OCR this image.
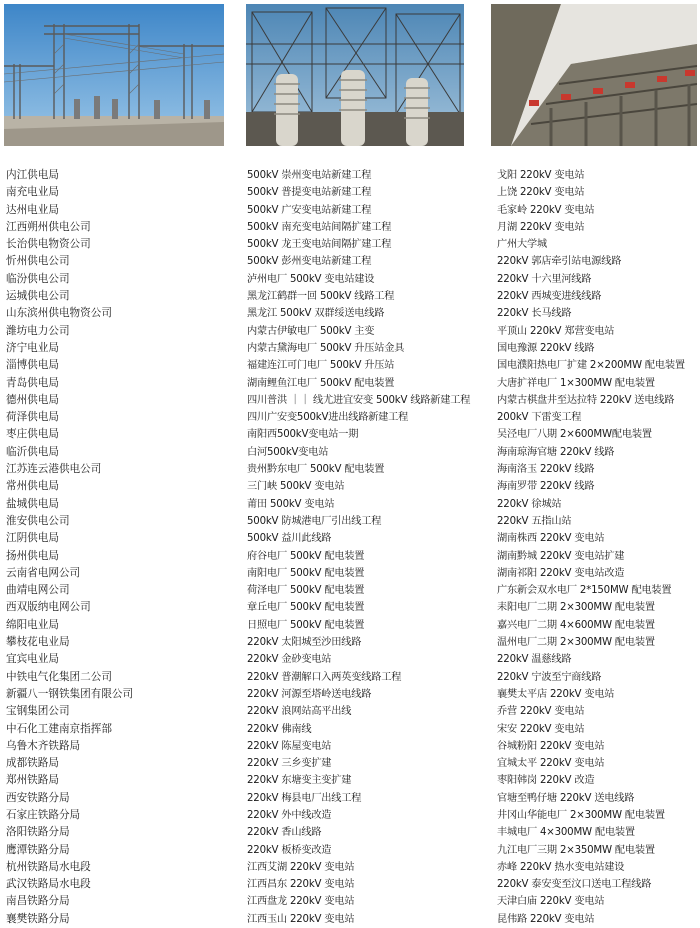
内江供电局
南充电业局
达州电业局
江西朔州供电公司
长治供电物资公司
忻州供电公司
临汾供电公司
运城供电公司
山东滨州供电物资公司
潍坊电力公司
济宁电业局
淄博供电局
青岛供电局
德州供电局
荷泽供电局
枣庄供电局
临沂供电局
江苏连云港供电公司
常州供电局
盐城供电局
淮安供电公司
江阴供电局
扬州供电局
云南省电网公司
曲靖电网公司
西双版纳电网公司
绵阳电业局
攀枝花电业局
宜宾电业局
中铁电气化集团二公司
新疆八一钢铁集团有限公司
宝钢集团公司
中石化工建南京指挥部
乌鲁木齐铁路局
成都铁路局
郑州铁路局
西安铁路分局
石家庄铁路分局
洛阳铁路分局
鹰潭铁路分局
杭州铁路局水电段
武汉铁路局水电段
南昌铁路分局
襄樊铁路分局
500kV 崇州变电站新建工程
500kV 普提变电站新建工程
500kV 广安变电站新建工程
500kV 南充变电站间隔扩建工程
500kV 龙王变电站间隔扩建工程
500kV 彭州变电站新建工程
泸州电厂 500kV 变电站建设
黑龙江鹤群一回 500kV 线路工程
黑龙江 500kV 双群绥送电线路
内蒙古伊敏电厂 500kV 主变
内蒙古黛海电厂 500kV 升压站金具
福建连江可门电厂 500kV 升压站
湖南鲤鱼江电厂 500kV 配电装置
四川普洪 ｜｜ 线尤进宜安变 500kV 线路新建工程
四川广安变500kV进出线路新建工程
南阳西500kV变电站一期
白河500kV变电站
贵州黔东电厂 500kV 配电装置
三门峡 500kV 变电站
莆田 500kV 变电站
500kV 防城港电厂引出线工程
500kV 益川此线路
府谷电厂 500kV 配电装置
南阳电厂 500kV 配电装置
荷泽电厂 500kV 配电装置
章丘电厂 500kV 配电装置
日照电厂 500kV 配电装置
220kV 太阳城至沙田线路
220kV 金砂变电站
220kV 普潮解口入两英变线路工程
220kV 河源至塔岭送电线路
220kV 浪网站高平出线
220kV 佛南线
220kV 陈屋变电站
220kV 三乡变扩建
220kV 东塘变主变扩建
220kV 梅县电厂出线工程
220kV 外中线改造
220kV 香山线路
220kV 板桥变改造
江西艾湖 220kV 变电站
江西昌东 220kV 变电站
江西盘龙 220kV 变电站
江西玉山 220kV 变电站
戈阳 220kV 变电站
上饶 220kV 变电站
毛家岭 220kV 变电站
月湖 220kV 变电站
广州大学城
220kV 郭店牵引站电源线路
220kV 十六里河线路
220kV 西城变进线线路
220kV 长马线路
平顶山 220kV 郑营变电站
国电豫源 220kV 线路
国电濮阳热电厂扩建 2×200MW 配电装置
大唐扩祥电厂 1×300MW 配电装置
内蒙古棋盘井至达拉特 220kV 送电线路
200kV 下雷变工程
吴泾电厂八期 2×600MW配电装置
海南琼海官塘 220kV 线路
海南洛玉 220kV 线路
海南罗带 220kV 线路
220kV 徐城站
220kV 五指山站
湖南株西 220kV 变电站
湖南黔城 220kV 变电站扩建
湖南祁阳 220kV 变电站改造
广东新会双水电厂 2*150MW 配电装置
耒阳电厂二期 2×300MW 配电装置
嘉兴电厂二期 4×600MW 配电装置
温州电厂二期 2×300MW 配电装置
220kV 温慈线路
220kV 宁波至宁商线路
襄樊太平店 220kV 变电站
乔营 220kV 变电站
宋安 220kV 变电站
谷城粉阳 220kV 变电站
宜城太平 220kV 变电站
枣阳韩岗 220kV 改造
官塘至鸭仔塘 220kV 送电线路
井冈山华能电厂 2×300MW 配电装置
丰城电厂 4×300MW 配电装置
九江电厂三期 2×350MW 配电装置
赤峰 220kV 热水变电站建设
220kV 泰安变至汶口送电工程线路
天津白庙 220kV 变电站
昆伟路 220kV 变电站
